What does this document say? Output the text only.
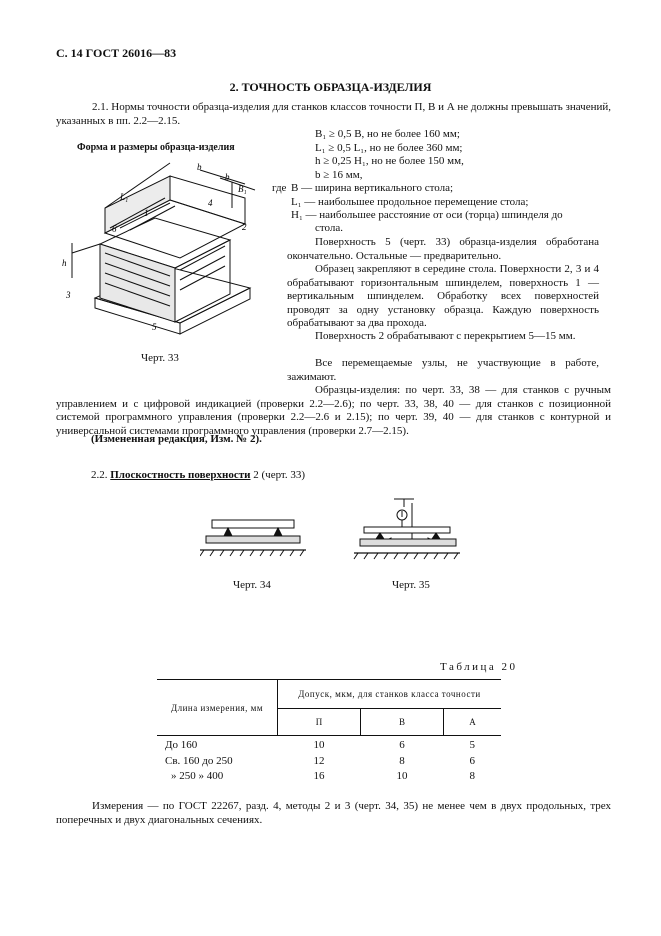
С. 14 ГОСТ 26016—83
2. ТОЧНОСТЬ ОБРАЗЦА-ИЗДЕЛИЯ
2.1. Нормы точности образца-изделия для станков классов точности П, В и А не должны превышать значений, указанных в пп. 2.2—2.15.
Форма и размеры образца-изделия
b
b
B₁
4
L₁
1
6	2
h
3
5
B₁ ≥ 0,5 B, но не более 160 мм;
L₁ ≥ 0,5 L₁, но не более 360 мм;
h ≥ 0,25 H₁, но не более 150 мм,
b ≥ 16 мм,
где B — ширина вертикального стола;
L₁ — наибольшее продольное перемещение стола;
H₁ — наибольшее расстояние от оси (торца) шпинделя до
стола.
Поверхность 5 (черт. 33) образца-изделия обработана окончательно. Остальные — предварительно.
Образец закрепляют в середине стола. Поверхности 2, 3 и 4 обрабатывают горизонтальным шпинделем, поверхность 1 — вертикальным шпинделем. Обработку всех поверхностей проводят за одну установку образца. Каждую поверхность обрабатывают за два прохода.
Поверхность 2 обрабатывают с перекрытием 5—15 мм.
Все перемещаемые узлы, не участвующие в работе, зажимают.
Черт. 33
Образцы-изделия: по черт. 33, 38 — для станков с ручным управлением и с цифровой индикацией (проверки 2.2—2.6); по черт. 33, 38, 40 — для станков с позиционной системой программного управления (проверки 2.2—2.6 и 2.15); по черт. 39, 40 — для станков с контурной и универсальной системами программного управления (проверки 2.7—2.15).
(Измененная редакция, Изм. № 2).
2.2. Плоскостность поверхности 2 (черт. 33)
Черт. 34	Черт. 35
Таблица 20
Длина измерения, мм	Допуск, мкм, для станков класса точности		
	П	В	А
До 160	10	6	5
Св. 160 до 250	12	8	6
» 250 » 400	16	10	8
Измерения — по ГОСТ 22267, разд. 4, методы 2 и 3 (черт. 34, 35) не менее чем в двух продольных, трех поперечных и двух диагональных сечениях.
